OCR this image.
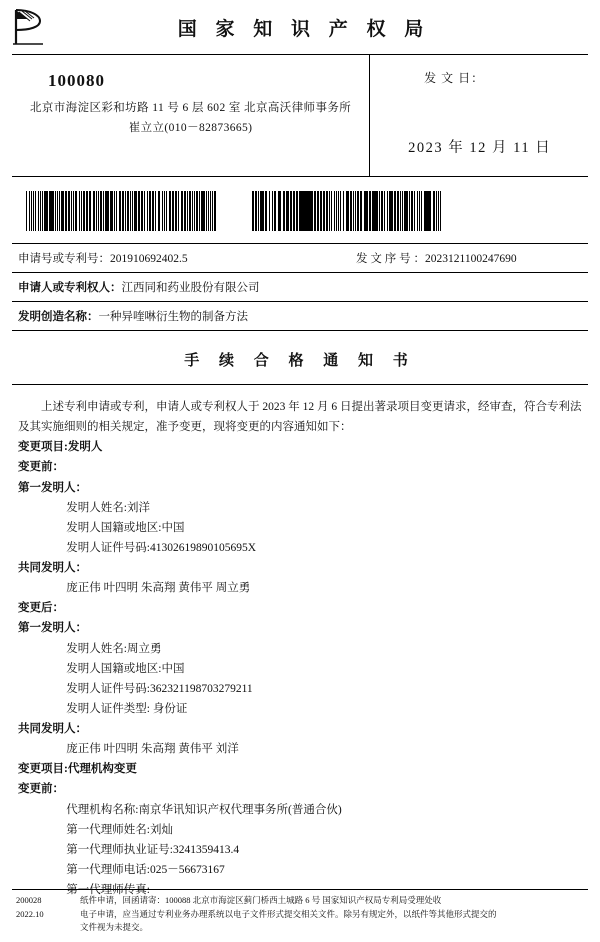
国 家 知 识 产 权 局
100080
北京市海淀区彩和坊路 11 号 6 层 602 室 北京高沃律师事务所
崔立立(010－82873665)
发 文 日：
2023 年 12 月 11 日
申请号或专利号：201910692402.5	发 文 序 号 ：2023121100247690
申请人或专利权人：江西同和药业股份有限公司
发明创造名称：一种异喹啉衍生物的制备方法
手 续 合 格 通 知 书
上述专利申请或专利，申请人或专利权人于 2023 年 12 月 6 日提出著录项目变更请求，经审查，符合专利法及其实施细则的相关规定，准予变更，现将变更的内容通知如下：
变更项目:发明人
变更前：
第一发明人：
发明人姓名:刘洋
发明人国籍或地区:中国
发明人证件号码:41302619890105695X
共同发明人：
庞正伟 叶四明 朱高翔 黄伟平 周立勇
变更后：
第一发明人：
发明人姓名:周立勇
发明人国籍或地区:中国
发明人证件号码:362321198703279211
发明人证件类型: 身份证
共同发明人：
庞正伟 叶四明 朱高翔 黄伟平 刘洋
变更项目:代理机构变更
变更前：
代理机构名称:南京华讯知识产权代理事务所(普通合伙)
第一代理师姓名:刘灿
第一代理师执业证号:3241359413.4
第一代理师电话:025－56673167
第一代理师传真:
200028
2022.10
纸件申请，回函请寄：100088 北京市海淀区蓟门桥西土城路 6 号 国家知识产权局专利局受理处收
电子申请，应当通过专利业务办理系统以电子文件形式提交相关文件。除另有规定外，以纸件等其他形式提交的
文件视为未提交。
